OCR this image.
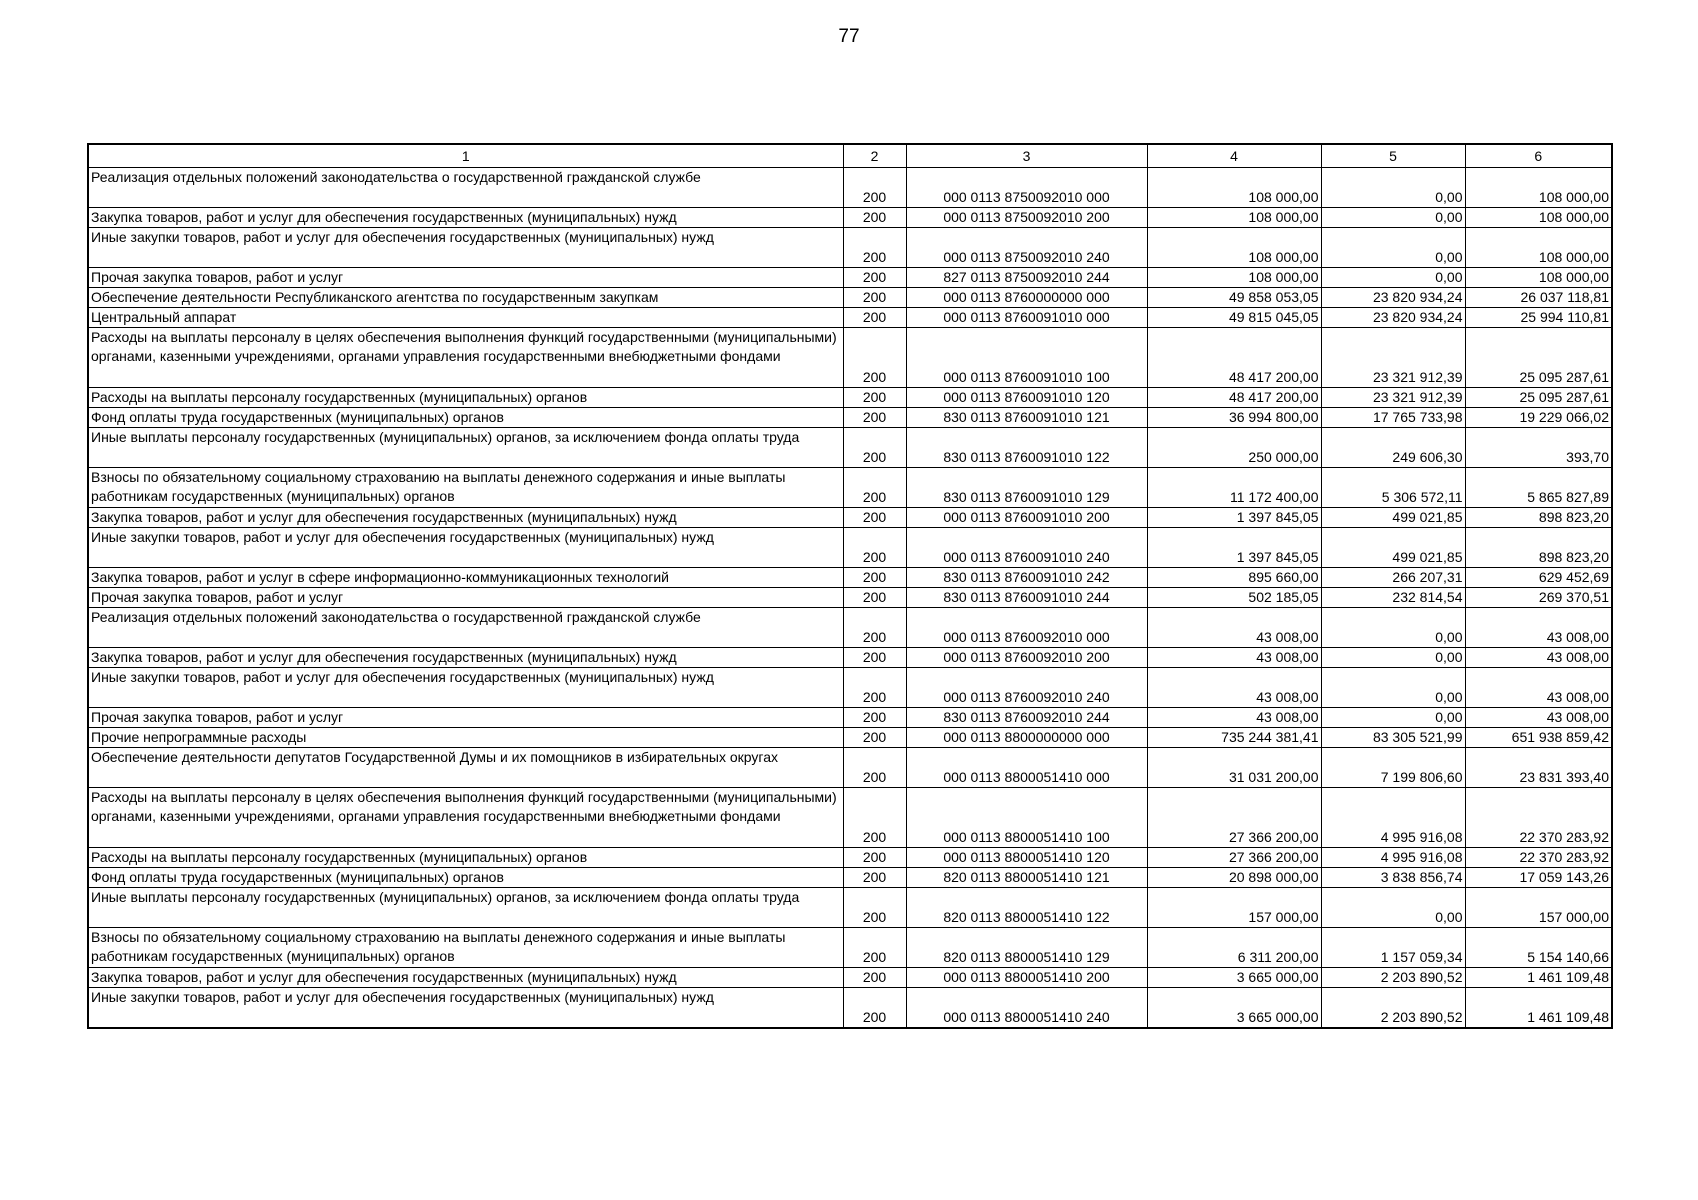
77
1	2	3	4	5	6
Реализация отдельных положений законодательства о государственной гражданской службе	200	000 0113 8750092010 000	108 000,00	0,00	108 000,00
Закупка товаров, работ и услуг для обеспечения государственных (муниципальных) нужд	200	000 0113 8750092010 200	108 000,00	0,00	108 000,00
Иные закупки товаров, работ и услуг для обеспечения государственных (муниципальных) нужд	200	000 0113 8750092010 240	108 000,00	0,00	108 000,00
Прочая закупка товаров, работ и услуг	200	827 0113 8750092010 244	108 000,00	0,00	108 000,00
Обеспечение деятельности Республиканского агентства по государственным закупкам	200	000 0113 8760000000 000	49 858 053,05	23 820 934,24	26 037 118,81
Центральный аппарат	200	000 0113 8760091010 000	49 815 045,05	23 820 934,24	25 994 110,81
Расходы на выплаты персоналу в целях обеспечения выполнения функций государственными (муниципальными) органами, казенными учреждениями, органами управления государственными внебюджетными фондами	200	000 0113 8760091010 100	48 417 200,00	23 321 912,39	25 095 287,61
Расходы на выплаты персоналу государственных (муниципальных) органов	200	000 0113 8760091010 120	48 417 200,00	23 321 912,39	25 095 287,61
Фонд оплаты труда государственных (муниципальных) органов	200	830 0113 8760091010 121	36 994 800,00	17 765 733,98	19 229 066,02
Иные выплаты персоналу государственных (муниципальных) органов, за исключением фонда оплаты труда	200	830 0113 8760091010 122	250 000,00	249 606,30	393,70
Взносы по обязательному социальному страхованию на выплаты денежного содержания и иные выплаты работникам государственных (муниципальных) органов	200	830 0113 8760091010 129	11 172 400,00	5 306 572,11	5 865 827,89
Закупка товаров, работ и услуг для обеспечения государственных (муниципальных) нужд	200	000 0113 8760091010 200	1 397 845,05	499 021,85	898 823,20
Иные закупки товаров, работ и услуг для обеспечения государственных (муниципальных) нужд	200	000 0113 8760091010 240	1 397 845,05	499 021,85	898 823,20
Закупка товаров, работ и услуг в сфере информационно-коммуникационных технологий	200	830 0113 8760091010 242	895 660,00	266 207,31	629 452,69
Прочая закупка товаров, работ и услуг	200	830 0113 8760091010 244	502 185,05	232 814,54	269 370,51
Реализация отдельных положений законодательства о государственной гражданской службе	200	000 0113 8760092010 000	43 008,00	0,00	43 008,00
Закупка товаров, работ и услуг для обеспечения государственных (муниципальных) нужд	200	000 0113 8760092010 200	43 008,00	0,00	43 008,00
Иные закупки товаров, работ и услуг для обеспечения государственных (муниципальных) нужд	200	000 0113 8760092010 240	43 008,00	0,00	43 008,00
Прочая закупка товаров, работ и услуг	200	830 0113 8760092010 244	43 008,00	0,00	43 008,00
Прочие непрограммные расходы	200	000 0113 8800000000 000	735 244 381,41	83 305 521,99	651 938 859,42
Обеспечение деятельности депутатов Государственной Думы и их помощников в избирательных округах	200	000 0113 8800051410 000	31 031 200,00	7 199 806,60	23 831 393,40
Расходы на выплаты персоналу в целях обеспечения выполнения функций государственными (муниципальными) органами, казенными учреждениями, органами управления государственными внебюджетными фондами	200	000 0113 8800051410 100	27 366 200,00	4 995 916,08	22 370 283,92
Расходы на выплаты персоналу государственных (муниципальных) органов	200	000 0113 8800051410 120	27 366 200,00	4 995 916,08	22 370 283,92
Фонд оплаты труда государственных (муниципальных) органов	200	820 0113 8800051410 121	20 898 000,00	3 838 856,74	17 059 143,26
Иные выплаты персоналу государственных (муниципальных) органов, за исключением фонда оплаты труда	200	820 0113 8800051410 122	157 000,00	0,00	157 000,00
Взносы по обязательному социальному страхованию на выплаты денежного содержания и иные выплаты работникам государственных (муниципальных) органов	200	820 0113 8800051410 129	6 311 200,00	1 157 059,34	5 154 140,66
Закупка товаров, работ и услуг для обеспечения государственных (муниципальных) нужд	200	000 0113 8800051410 200	3 665 000,00	2 203 890,52	1 461 109,48
Иные закупки товаров, работ и услуг для обеспечения государственных (муниципальных) нужд	200	000 0113 8800051410 240	3 665 000,00	2 203 890,52	1 461 109,48
